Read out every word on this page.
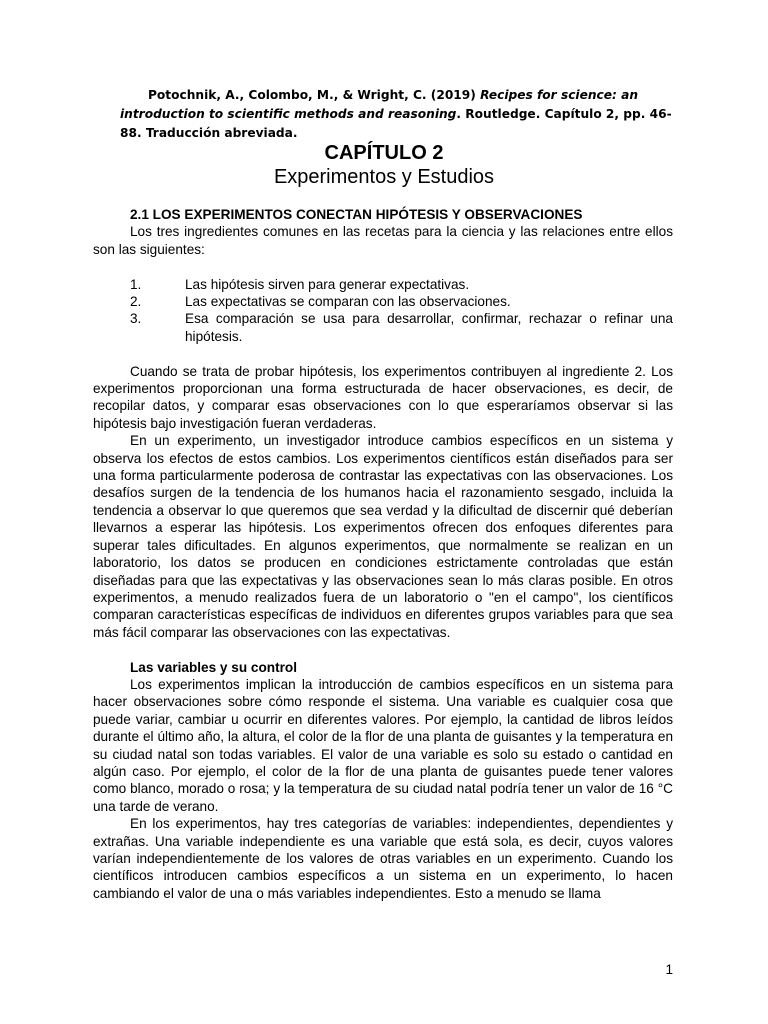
Potochnik, A., Colombo, M., & Wright, C. (2019) Recipes for science: an introduction to scientific methods and reasoning. Routledge. Capítulo 2, pp. 46-88. Traducción abreviada.

CAPÍTULO 2
Experimentos y Estudios

2.1 LOS EXPERIMENTOS CONECTAN HIPÓTESIS Y OBSERVACIONES

Los tres ingredientes comunes en las recetas para la ciencia y las relaciones entre ellos son las siguientes:

1.	Las hipótesis sirven para generar expectativas.
2.	Las expectativas se comparan con las observaciones.
3.	Esa comparación se usa para desarrollar, confirmar, rechazar o refinar una hipótesis.

Cuando se trata de probar hipótesis, los experimentos contribuyen al ingrediente 2. Los experimentos proporcionan una forma estructurada de hacer observaciones, es decir, de recopilar datos, y comparar esas observaciones con lo que esperaríamos observar si las hipótesis bajo investigación fueran verdaderas.

En un experimento, un investigador introduce cambios específicos en un sistema y observa los efectos de estos cambios. Los experimentos científicos están diseñados para ser una forma particularmente poderosa de contrastar las expectativas con las observaciones. Los desafíos surgen de la tendencia de los humanos hacia el razonamiento sesgado, incluida la tendencia a observar lo que queremos que sea verdad y la dificultad de discernir qué deberían llevarnos a esperar las hipótesis. Los experimentos ofrecen dos enfoques diferentes para superar tales dificultades. En algunos experimentos, que normalmente se realizan en un laboratorio, los datos se producen en condiciones estrictamente controladas que están diseñadas para que las expectativas y las observaciones sean lo más claras posible. En otros experimentos, a menudo realizados fuera de un laboratorio o "en el campo", los científicos comparan características específicas de individuos en diferentes grupos variables para que sea más fácil comparar las observaciones con las expectativas.

Las variables y su control

Los experimentos implican la introducción de cambios específicos en un sistema para hacer observaciones sobre cómo responde el sistema. Una variable es cualquier cosa que puede variar, cambiar u ocurrir en diferentes valores. Por ejemplo, la cantidad de libros leídos durante el último año, la altura, el color de la flor de una planta de guisantes y la temperatura en su ciudad natal son todas variables. El valor de una variable es solo su estado o cantidad en algún caso. Por ejemplo, el color de la flor de una planta de guisantes puede tener valores como blanco, morado o rosa; y la temperatura de su ciudad natal podría tener un valor de 16 °C una tarde de verano.

En los experimentos, hay tres categorías de variables: independientes, dependientes y extrañas. Una variable independiente es una variable que está sola, es decir, cuyos valores varían independientemente de los valores de otras variables en un experimento. Cuando los científicos introducen cambios específicos a un sistema en un experimento, lo hacen cambiando el valor de una o más variables independientes. Esto a menudo se llama

1
